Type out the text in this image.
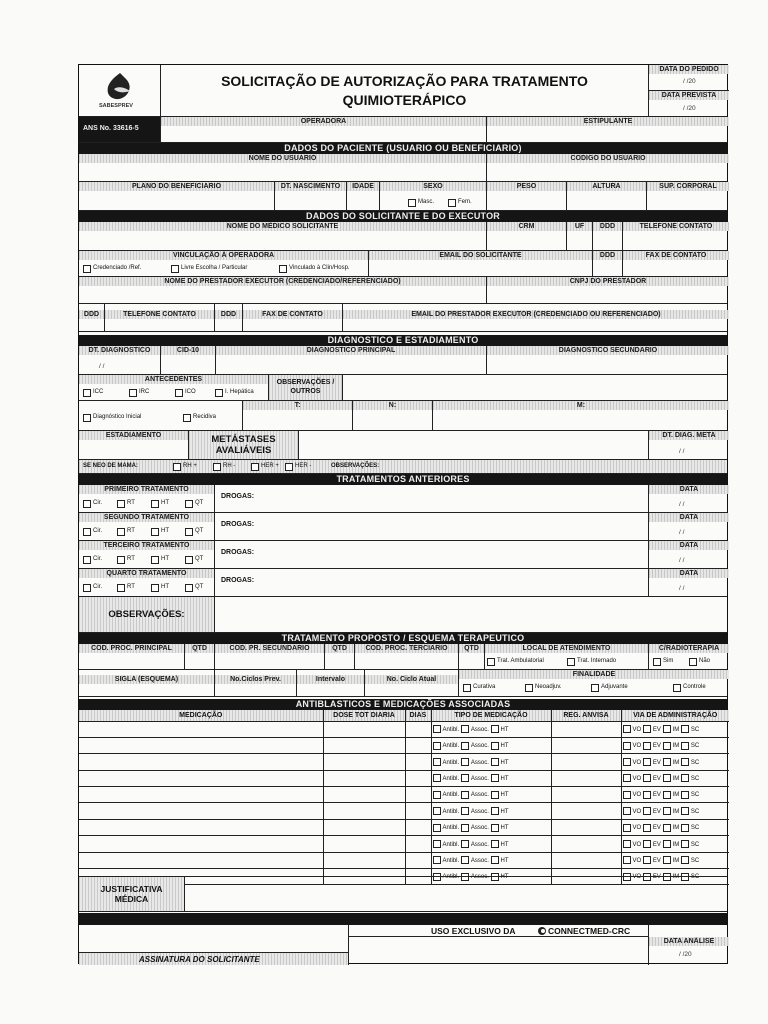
SABESPREV
SOLICITAÇÃO DE AUTORIZAÇÃO PARA TRATAMENTO
QUIMIOTERÁPICO
DATA DO PEDIDO
/ /20
DATA PREVISTA
/ /20
ANS No. 33616-5
OPERADORA	ESTIPULANTE
DADOS DO PACIENTE (USUARIO OU BENEFICIARIO)
NOME DO USUARIO	CODIGO DO USUARIO
PLANO DO BENEFICIARIO	DT. NASCIMENTO	IDADE	SEXO
Masc.	Fem.
PESO	ALTURA	SUP. CORPORAL
DADOS DO SOLICITANTE E DO EXECUTOR
NOME DO MÉDICO SOLICITANTE	CRM	UF	DDD	TELEFONE CONTATO
VINCULAÇÃO À OPERADORA
Credenciado /Ref.	Livre Escolha / Particular	Vinculado à Clin/Hosp.
EMAIL DO SOLICITANTE	DDD	FAX DE CONTATO
NOME DO PRESTADOR EXECUTOR (CREDENCIADO/REFERENCIADO)	CNPJ DO PRESTADOR
DDD	TELEFONE CONTATO	DDD	FAX DE CONTATO	EMAIL DO PRESTADOR EXECUTOR (CREDENCIADO OU REFERENCIADO)
DIAGNOSTICO E ESTADIAMENTO
DT. DIAGNOSTICO
/ /
CID-10	DIAGNOSTICO PRINCIPAL	DIAGNOSTICO SECUNDARIO
ANTECEDENTES
ICC	IRC	ICO	I. Hepática
OBSERVAÇÕES / OUTROS
Diagnóstico Inicial	Recidiva
T:	N:	M:
ESTADIAMENTO	METÁSTASES AVALIÁVEIS
DT. DIAG. META
/ /
SE NEO DE MAMA:	RH +	RH -	HER +	HER -	OBSERVAÇÕES:
TRATAMENTOS ANTERIORES
PRIMEIRO TRATAMENTO
Cir.	RT	HT	QT
DROGAS:
DATA
/ /
SEGUNDO TRATAMENTO
Cir.	RT	HT	QT
DROGAS:
DATA
/ /
TERCEIRO TRATAMENTO
Cir.	RT	HT	QT
DROGAS:
DATA
/ /
QUARTO TRATAMENTO
Cir.	RT	HT	QT
DROGAS:
DATA
/ /
OBSERVAÇÕES:
TRATAMENTO PROPOSTO / ESQUEMA TERAPEUTICO
COD. PROC. PRINCIPAL	QTD	COD. PR. SECUNDARIO	QTD	COD. PROC. TERCIARIO	QTD	LOCAL DE ATENDIMENTO
Trat. Ambulatorial	Trat. Internado
C/RADIOTERAPIA
Sim	Não
SIGLA (ESQUEMA)	No.Ciclos Prev.	Intervalo	No. Ciclo Atual
FINALIDADE
Curativa	Neoadjuv.	Adjuvante	Controle
ANTIBLASTICOS E MEDICAÇÕES ASSOCIADAS
MEDICAÇÃO	DOSE TOT DIARIA	DIAS	TIPO DE MEDICAÇÃO	REG. ANVISA	VIA DE ADMINISTRAÇÃO
			Antibl. Assoc. HT		VO EV IM SC
			Antibl. Assoc. HT		VO EV IM SC
			Antibl. Assoc. HT		VO EV IM SC
			Antibl. Assoc. HT		VO EV IM SC
			Antibl. Assoc. HT		VO EV IM SC
			Antibl. Assoc. HT		VO EV IM SC
			Antibl. Assoc. HT		VO EV IM SC
			Antibl. Assoc. HT		VO EV IM SC
			Antibl. Assoc. HT		VO EV IM SC
			Antibl. Assoc. HT		VO EV IM SC
JUSTIFICATIVA MÉDICA
ASSINATURA DO SOLICITANTE
USO EXCLUSIVO DA	CONNECTMED-CRC
DATA ANÁLISE
/ /20
